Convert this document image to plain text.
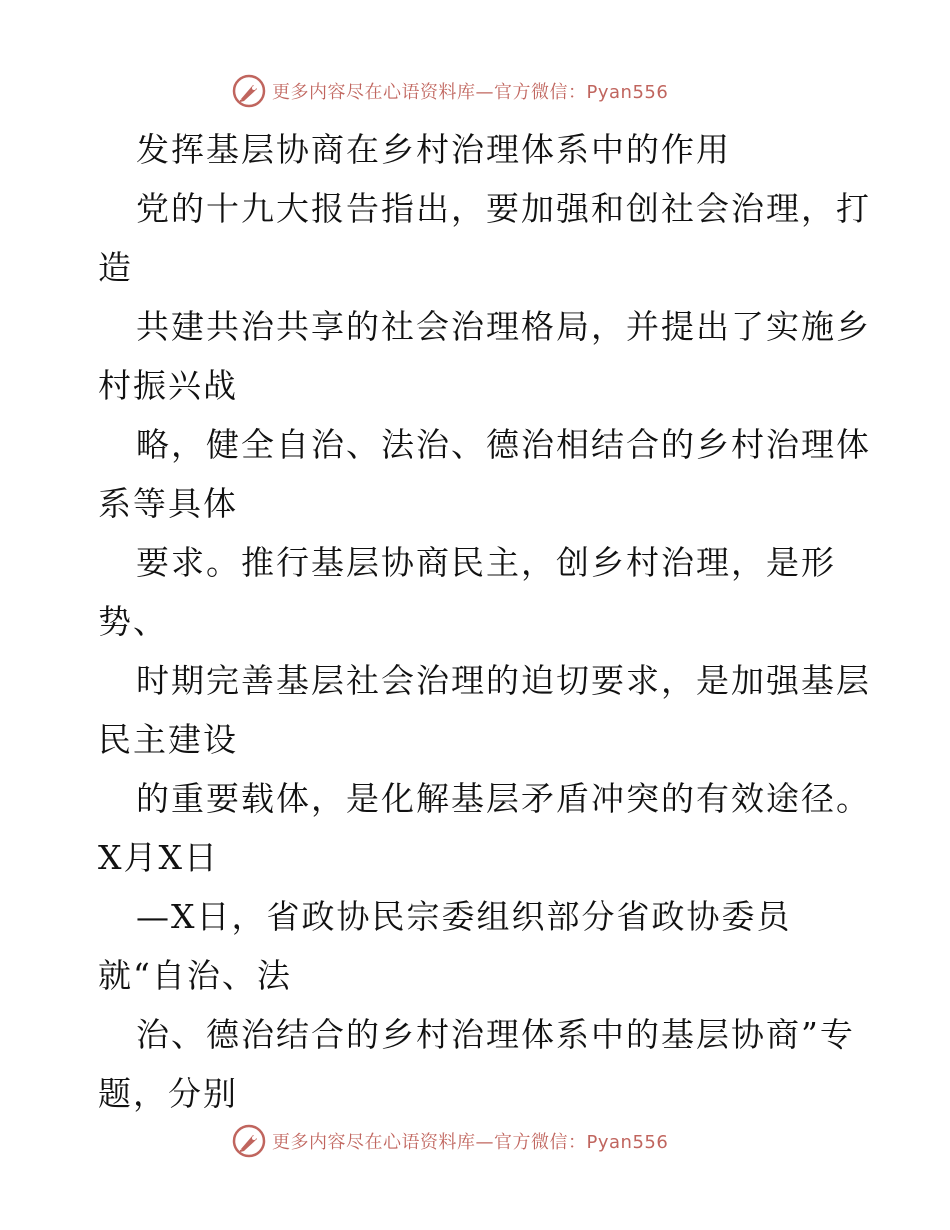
更多内容尽在心语资料库—官方微信：Pyan556
发挥基层协商在乡村治理体系中的作用
党的十九大报告指出，要加强和创社会治理，打
造
共建共治共享的社会治理格局，并提出了实施乡
村振兴战
略，健全自治、法治、德治相结合的乡村治理体
系等具体
要求。推行基层协商民主，创乡村治理，是形
势、
时期完善基层社会治理的迫切要求，是加强基层
民主建设
的重要载体，是化解基层矛盾冲突的有效途径。
X月X日
—X日，省政协民宗委组织部分省政协委员
就“自治、法
治、德治结合的乡村治理体系中的基层协商”专
题，分别
更多内容尽在心语资料库—官方微信：Pyan556
